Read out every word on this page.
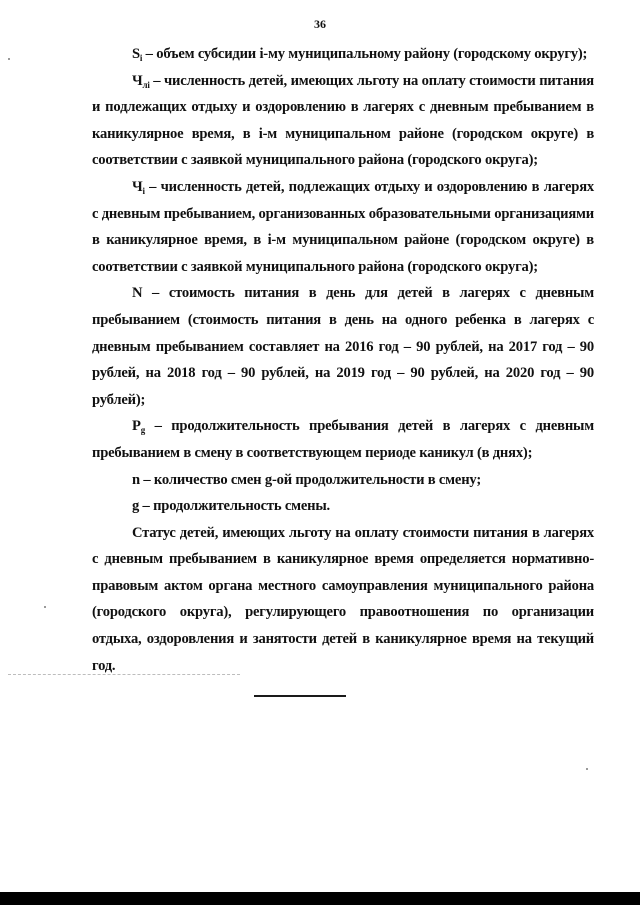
36

$S_i$ – объем субсидии i-му муниципальному району (городскому округу);

$Ч_{лi}$ – численность детей, имеющих льготу на оплату стоимости питания и подлежащих отдыху и оздоровлению в лагерях с дневным пребыванием в каникулярное время, в i-м муниципальном районе (городском округе) в соответствии с заявкой муниципального района (городского округа);

$Ч_i$ – численность детей, подлежащих отдыху и оздоровлению в лагерях с дневным пребыванием, организованных образовательными организациями в каникулярное время, в i-м муниципальном районе (городском округе) в соответствии с заявкой муниципального района (городского округа);

N – стоимость питания в день для детей в лагерях с дневным пребыванием (стоимость питания в день на одного ребенка в лагерях с дневным пребыванием составляет на 2016 год – 90 рублей, на 2017 год – 90 рублей, на 2018 год – 90 рублей, на 2019 год – 90 рублей, на 2020 год – 90 рублей);

$P_g$ – продолжительность пребывания детей в лагерях с дневным пребыванием в смену в соответствующем периоде каникул (в днях);

n – количество смен g-ой продолжительности в смену;

g – продолжительность смены.

Статус детей, имеющих льготу на оплату стоимости питания в лагерях с дневным пребыванием в каникулярное время определяется нормативно-правовым актом органа местного самоуправления муниципального района (городского округа), регулирующего правоотношения по организации отдыха, оздоровления и занятости детей в каникулярное время на текущий год.
